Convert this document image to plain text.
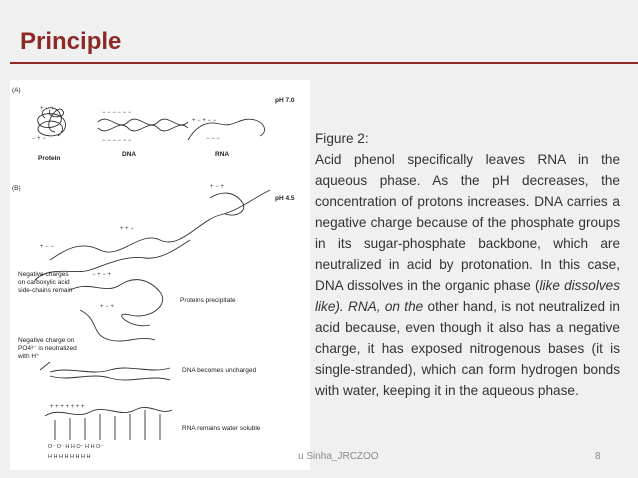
Principle
(A)
pH 7.0
(B)
pH 4.5
+ − +
− + −
Protein
− − − − − −
− − − − − −
DNA
+ − + − −
− − −
RNA
+ − −
− + − +
+ + −
+ − +
+ − +
Negative charges
on carboxylic acid
side-chains remain
Proteins precipitate
Negative charge on
PO4³⁻ is neutralized
with H⁺
DNA becomes uncharged
+ + + + + + +
O⁻ O⁻ H H O⁻ H H O⁻
H H H H H H H H
RNA remains water soluble

Figure 2:

Acid phenol specifically leaves RNA in the aqueous phase. As the pH decreases, the concentration of protons increases. DNA carries a negative charge because of the phosphate groups in its sugar-phosphate backbone, which are neutralized in acid by protonation. In this case, DNA dissolves in the organic phase (like dissolves like). RNA, on the other hand, is not neutralized in acid because, even though it also has a negative charge, it has exposed nitrogenous bases (it is single-stranded), which can form hydrogen bonds with water, keeping it in the aqueous phase.

u Sinha_JRCZOO	8
